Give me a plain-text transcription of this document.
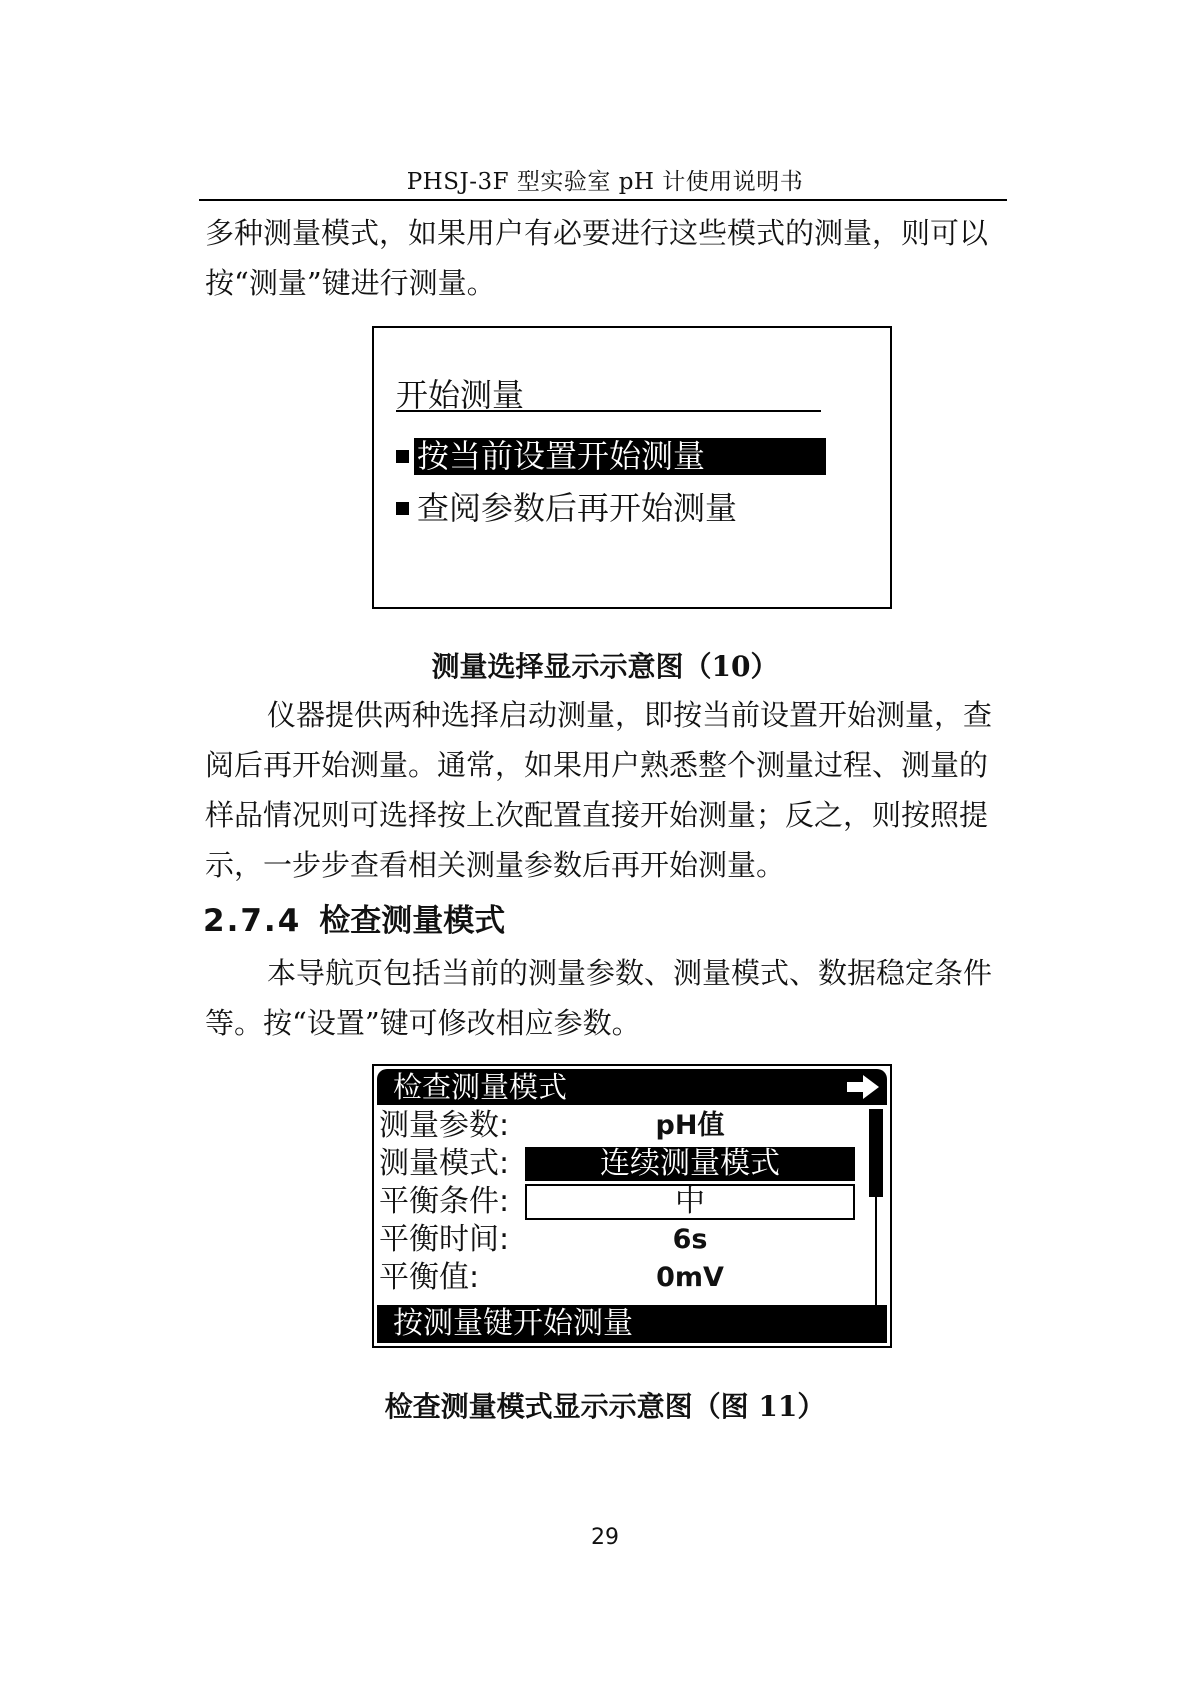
PHSJ-3F 型实验室 pH 计使用说明书
多种测量模式，如果用户有必要进行这些模式的测量，则可以
按“测量”键进行测量。
开始测量
按当前设置开始测量
查阅参数后再开始测量
测量选择显示示意图（10）
仪器提供两种选择启动测量，即按当前设置开始测量，查
阅后再开始测量。通常，如果用户熟悉整个测量过程、测量的
样品情况则可选择按上次配置直接开始测量；反之，则按照提
示，一步步查看相关测量参数后再开始测量。
2.7.4 检查测量模式
本导航页包括当前的测量参数、测量模式、数据稳定条件
等。按“设置”键可修改相应参数。
检查测量模式
测量参数:	pH值
测量模式:	连续测量模式
平衡条件:	中
平衡时间:	6s
平衡值:	0mV
按测量键开始测量
检查测量模式显示示意图（图 11）
29
